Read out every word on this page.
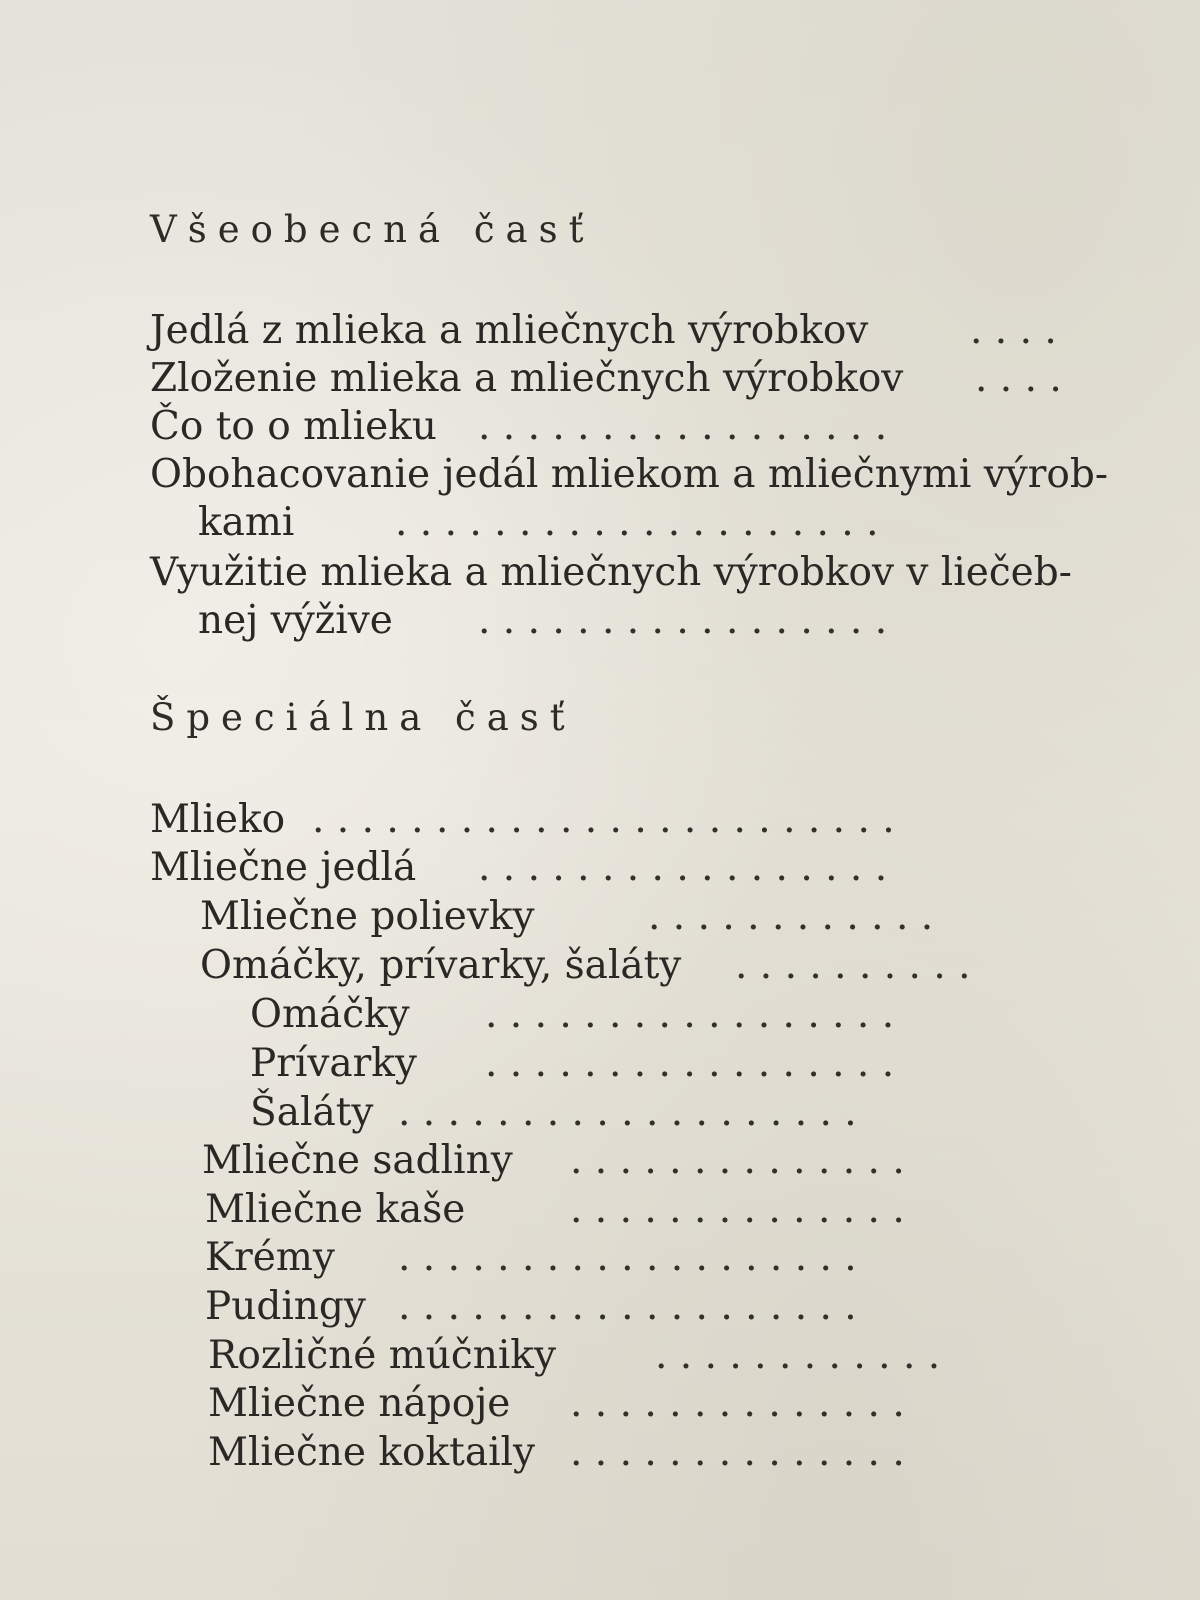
Všeobecná časť
Jedlá z mlieka a mliečnych výrobkov	. . . .
Zloženie mlieka a mliečnych výrobkov . . . .
Čo to o mlieku . . . . . . . . . . . . . . . . .
Obohacovanie jedál mliekom a mliečnymi výrob-
kami	. . . . . . . . . . . . . . . . . . . .
Využitie mlieka a mliečnych výrobkov v liečeb-
nej výžive . . . . . . . . . . . . . . . . .
Špeciálna časť
Mlieko . . . . . . . . . . . . . . . . . . . . . . . .
Mliečne jedlá . . . . . . . . . . . . . . . . .
Mliečne polievky	. . . . . . . . . . . .
Omáčky, prívarky, šaláty . . . . . . . . . .
Omáčky . . . . . . . . . . . . . . . . .
Prívarky . . . . . . . . . . . . . . . . .
Šaláty . . . . . . . . . . . . . . . . . . .
Mliečne sadliny . . . . . . . . . . . . . .
Mliečne kaše	. . . . . . . . . . . . . .
Krémy . . . . . . . . . . . . . . . . . . .
Pudingy . . . . . . . . . . . . . . . . . . .
Rozličné múčniky	. . . . . . . . . . . .
Mliečne nápoje . . . . . . . . . . . . . .
Mliečne koktaily . . . . . . . . . . . . . .
